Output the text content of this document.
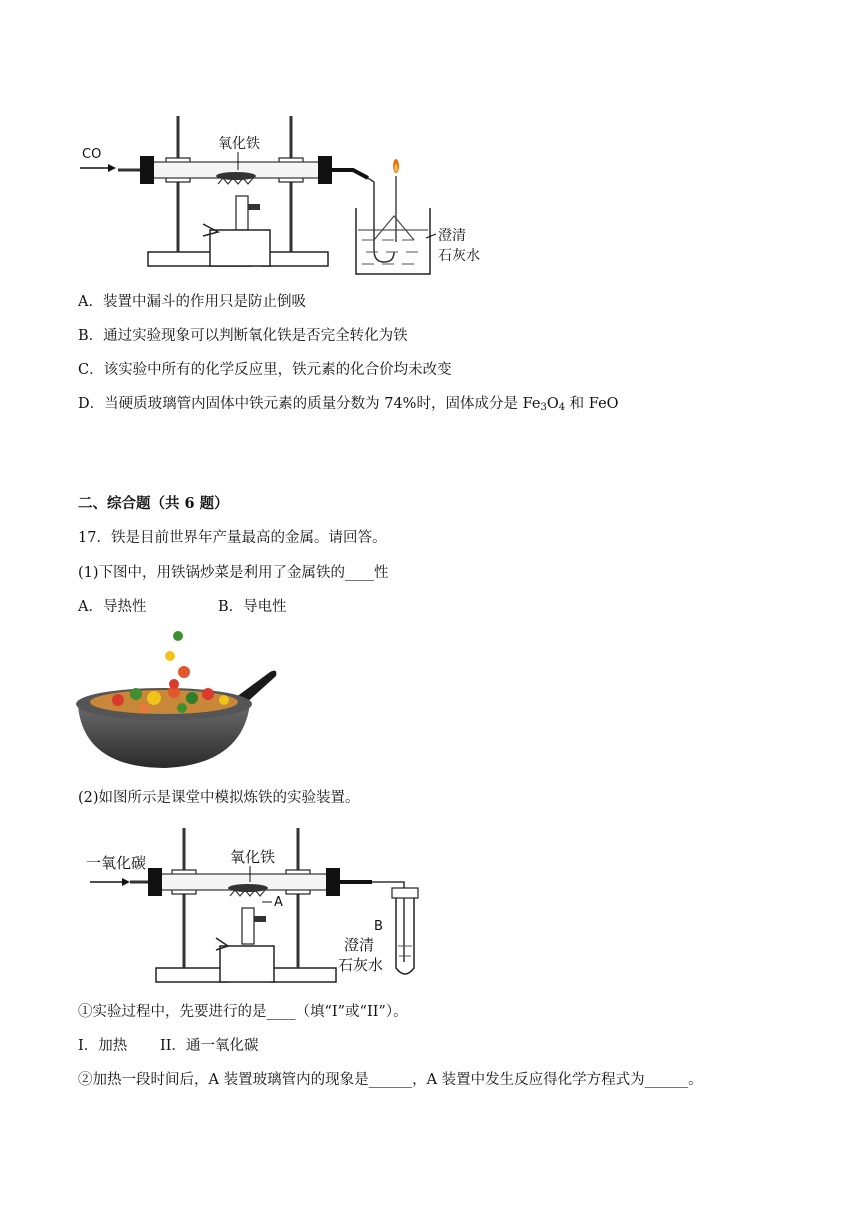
CO
氧化铁
澄清
石灰水
A．装置中漏斗的作用只是防止倒吸
B．通过实验现象可以判断氧化铁是否完全转化为铁
C．该实验中所有的化学反应里，铁元素的化合价均未改变
D．当硬质玻璃管内固体中铁元素的质量分数为 74%时，固体成分是 $Fe_3O_4$ 和 FeO
二、综合题（共 6 题）
17．铁是目前世界年产量最高的金属。请回答。
(1)下图中，用铁锅炒菜是利用了金属铁的____性
A．导热性	B．导电性
(2)如图所示是课堂中模拟炼铁的实验装置。
一氧化碳	氧化铁
A
B
澄清
石灰水
①实验过程中，先要进行的是____（填“I”或“II”）。
I．加热 II．通一氧化碳
②加热一段时间后，A 装置玻璃管内的现象是______，A 装置中发生反应得化学方程式为______。
